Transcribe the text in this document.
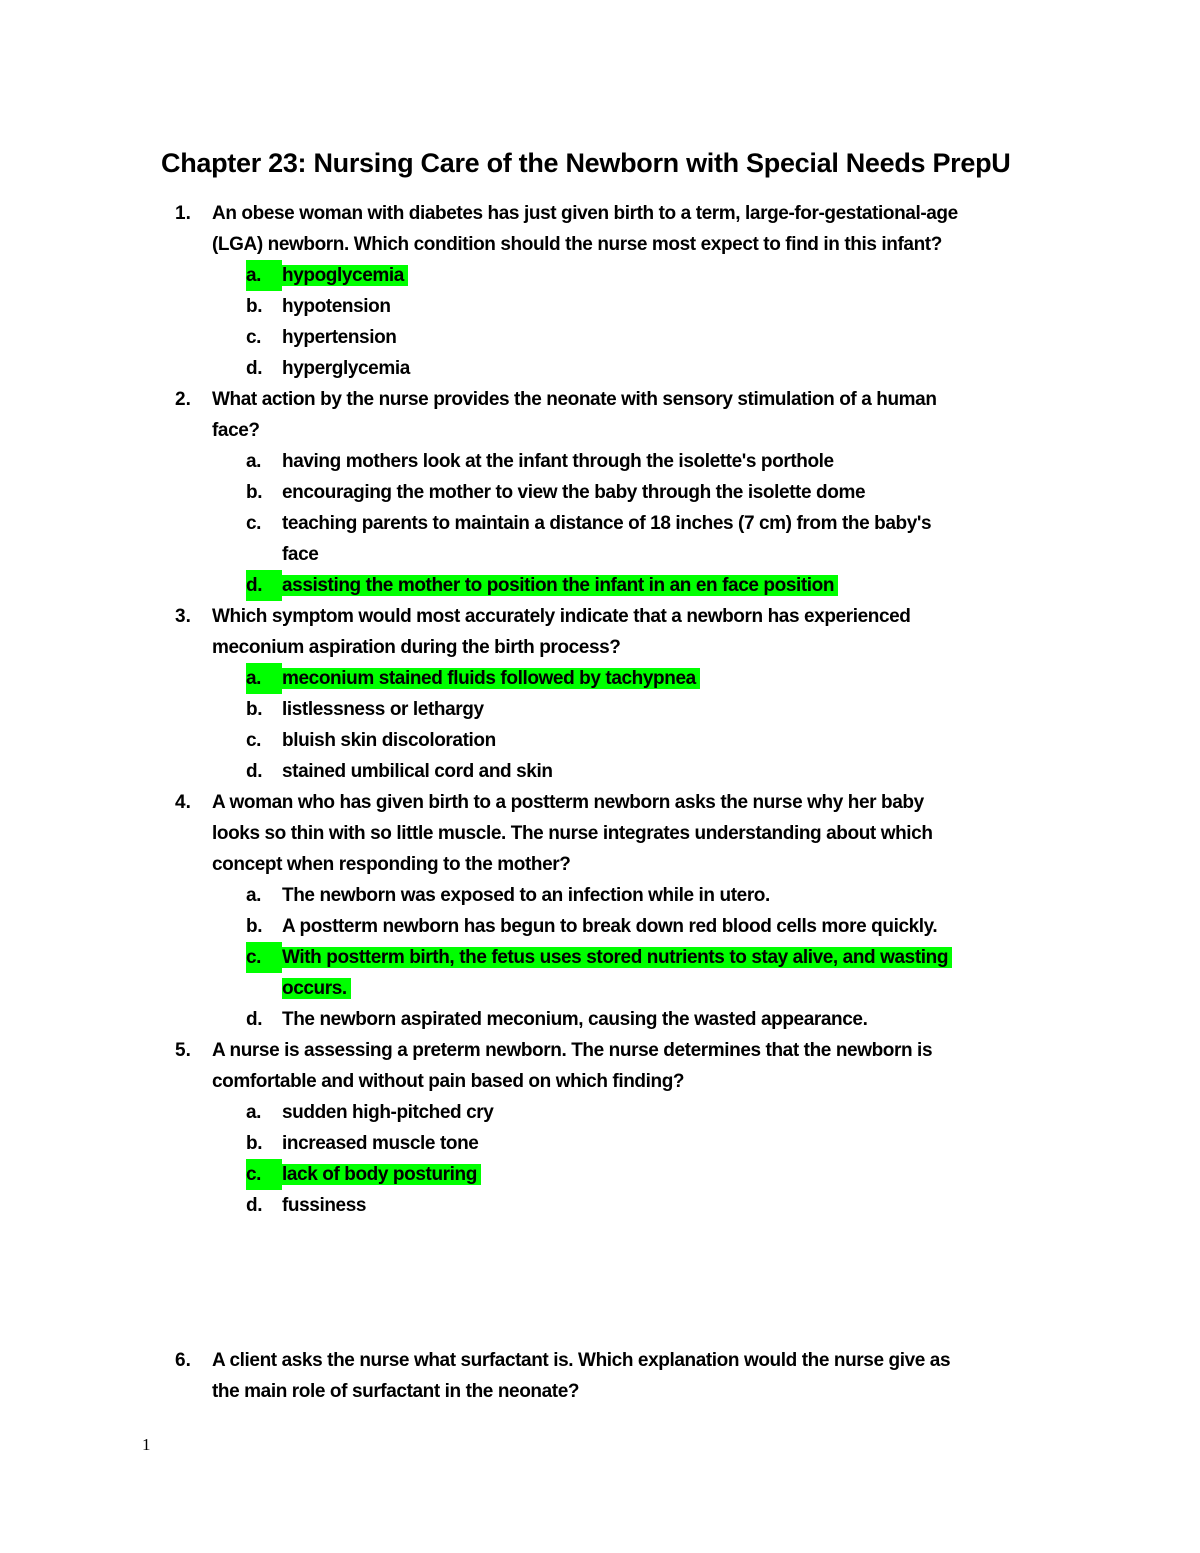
Chapter 23: Nursing Care of the Newborn with Special Needs PrepU
1.	An obese woman with diabetes has just given birth to a term, large-for-gestational-age
(LGA) newborn. Which condition should the nurse most expect to find in this infant?
a.	hypoglycemia
b.	hypotension
c.	hypertension
d.	hyperglycemia
2.	What action by the nurse provides the neonate with sensory stimulation of a human
face?
a.	having mothers look at the infant through the isolette's porthole
b.	encouraging the mother to view the baby through the isolette dome
c.	teaching parents to maintain a distance of 18 inches (7 cm) from the baby's
face
d.	assisting the mother to position the infant in an en face position
3.	Which symptom would most accurately indicate that a newborn has experienced
meconium aspiration during the birth process?
a.	meconium stained fluids followed by tachypnea
b.	listlessness or lethargy
c.	bluish skin discoloration
d.	stained umbilical cord and skin
4.	A woman who has given birth to a postterm newborn asks the nurse why her baby
looks so thin with so little muscle. The nurse integrates understanding about which
concept when responding to the mother?
a.	The newborn was exposed to an infection while in utero.
b.	A postterm newborn has begun to break down red blood cells more quickly.
c.	With postterm birth, the fetus uses stored nutrients to stay alive, and wasting
occurs.
d.	The newborn aspirated meconium, causing the wasted appearance.
5.	A nurse is assessing a preterm newborn. The nurse determines that the newborn is
comfortable and without pain based on which finding?
a.	sudden high-pitched cry
b.	increased muscle tone
c.	lack of body posturing
d.	fussiness
6.	A client asks the nurse what surfactant is. Which explanation would the nurse give as
the main role of surfactant in the neonate?
1
